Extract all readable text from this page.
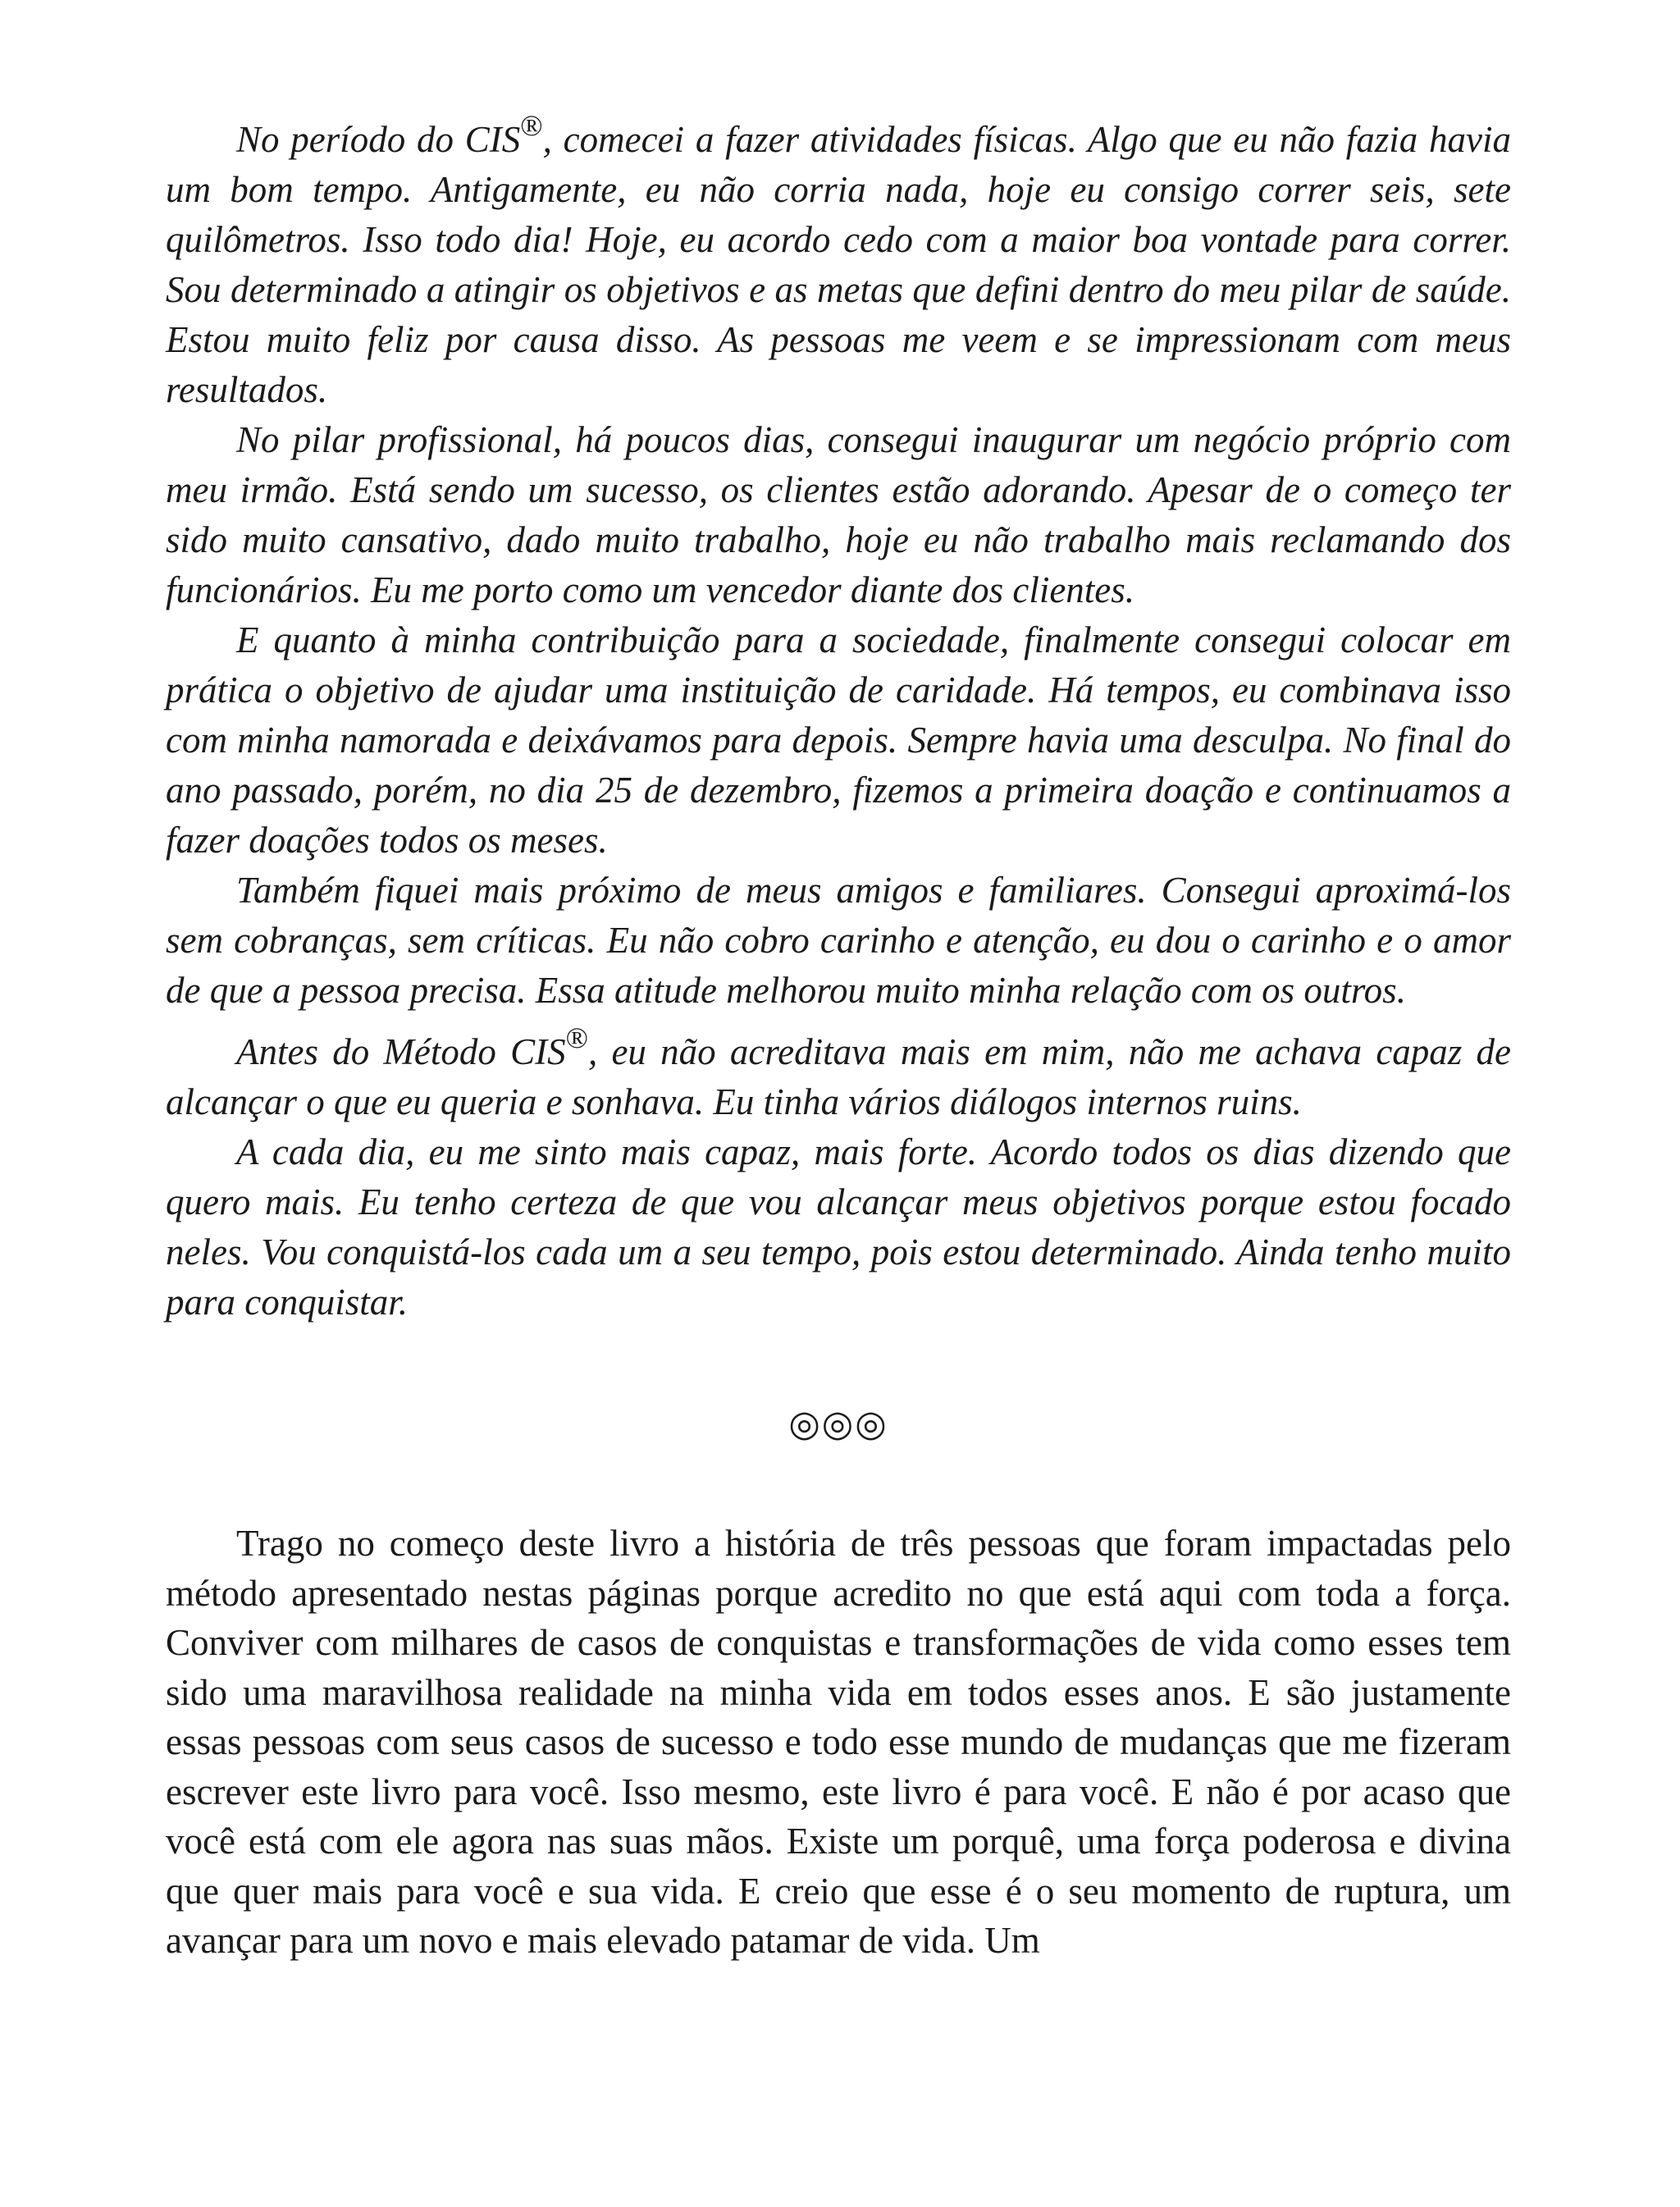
No período do CIS®, comecei a fazer atividades físicas. Algo que eu não fazia havia um bom tempo. Antigamente, eu não corria nada, hoje eu consigo correr seis, sete quilômetros. Isso todo dia! Hoje, eu acordo cedo com a maior boa vontade para correr. Sou determinado a atingir os objetivos e as metas que defini dentro do meu pilar de saúde. Estou muito feliz por causa disso. As pessoas me veem e se impressionam com meus resultados.

No pilar profissional, há poucos dias, consegui inaugurar um negócio próprio com meu irmão. Está sendo um sucesso, os clientes estão adorando. Apesar de o começo ter sido muito cansativo, dado muito trabalho, hoje eu não trabalho mais reclamando dos funcionários. Eu me porto como um vencedor diante dos clientes.

E quanto à minha contribuição para a sociedade, finalmente consegui colocar em prática o objetivo de ajudar uma instituição de caridade. Há tempos, eu combinava isso com minha namorada e deixávamos para depois. Sempre havia uma desculpa. No final do ano passado, porém, no dia 25 de dezembro, fizemos a primeira doação e continuamos a fazer doações todos os meses.

Também fiquei mais próximo de meus amigos e familiares. Consegui aproximá-los sem cobranças, sem críticas. Eu não cobro carinho e atenção, eu dou o carinho e o amor de que a pessoa precisa. Essa atitude melhorou muito minha relação com os outros.

Antes do Método CIS®, eu não acreditava mais em mim, não me achava capaz de alcançar o que eu queria e sonhava. Eu tinha vários diálogos internos ruins.

A cada dia, eu me sinto mais capaz, mais forte. Acordo todos os dias dizendo que quero mais. Eu tenho certeza de que vou alcançar meus objetivos porque estou focado neles. Vou conquistá-los cada um a seu tempo, pois estou determinado. Ainda tenho muito para conquistar.

◎◎◎

Trago no começo deste livro a história de três pessoas que foram impactadas pelo método apresentado nestas páginas porque acredito no que está aqui com toda a força. Conviver com milhares de casos de conquistas e transformações de vida como esses tem sido uma maravilhosa realidade na minha vida em todos esses anos. E são justamente essas pessoas com seus casos de sucesso e todo esse mundo de mudanças que me fizeram escrever este livro para você. Isso mesmo, este livro é para você. E não é por acaso que você está com ele agora nas suas mãos. Existe um porquê, uma força poderosa e divina que quer mais para você e sua vida. E creio que esse é o seu momento de ruptura, um avançar para um novo e mais elevado patamar de vida. Um
